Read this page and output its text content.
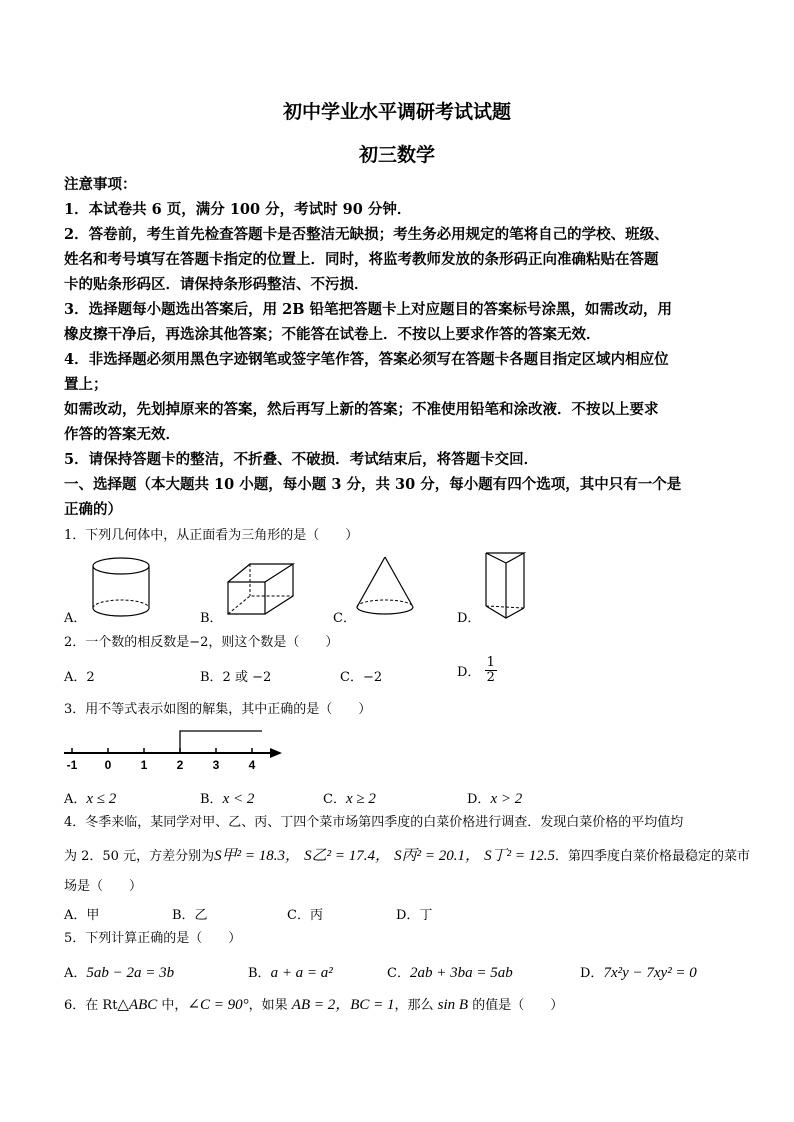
初中学业水平调研考试试题
初三数学
注意事项：
1．本试卷共 6 页，满分 100 分，考试时 90 分钟．
2．答卷前，考生首先检查答题卡是否整洁无缺损；考生务必用规定的笔将自己的学校、班级、
姓名和考号填写在答题卡指定的位置上．同时，将监考教师发放的条形码正向准确粘贴在答题
卡的贴条形码区．请保持条形码整洁、不污损．
3．选择题每小题选出答案后，用 2B 铅笔把答题卡上对应题目的答案标号涂黑，如需改动，用
橡皮擦干净后，再选涂其他答案；不能答在试卷上．不按以上要求作答的答案无效．
4．非选择题必须用黑色字迹钢笔或签字笔作答，答案必须写在答题卡各题目指定区域内相应位
置上；
如需改动，先划掉原来的答案，然后再写上新的答案；不准使用铅笔和涂改液．不按以上要求
作答的答案无效．
5．请保持答题卡的整洁，不折叠、不破损．考试结束后，将答题卡交回．
一、选择题（本大题共 10 小题，每小题 3 分，共 30 分，每小题有四个选项，其中只有一个是
正确的）
1．下列几何体中，从正面看为三角形的是（　　）
A．	B．	C．	D．
2．一个数的相反数是−2，则这个数是（　　）
A．2	B．2 或 −2	C．−2	D． $\frac{1}{2}$
3．用不等式表示如图的解集，其中正确的是（　　）
-1 0 1 2 3 4
A．x ≤ 2	B．x < 2	C．x ≥ 2	D．x > 2
4．冬季来临，某同学对甲、乙、丙、丁四个菜市场第四季度的白菜价格进行调查．发现白菜价格的平均值均
为 2．50 元，方差分别为S甲² = 18.3， S乙² = 17.4， S丙² = 20.1， S丁² = 12.5．第四季度白菜价格最稳定的菜市
场是（　　）
A．甲	B．乙	C．丙	D．丁
5．下列计算正确的是（　　）
A．5ab − 2a = 3b	B．a + a = a²	C．2ab + 3ba = 5ab	D．7x²y − 7xy² = 0
6．在 Rt△ABC 中，∠C = 90°，如果 AB = 2，BC = 1，那么 sin B 的值是（　　）
